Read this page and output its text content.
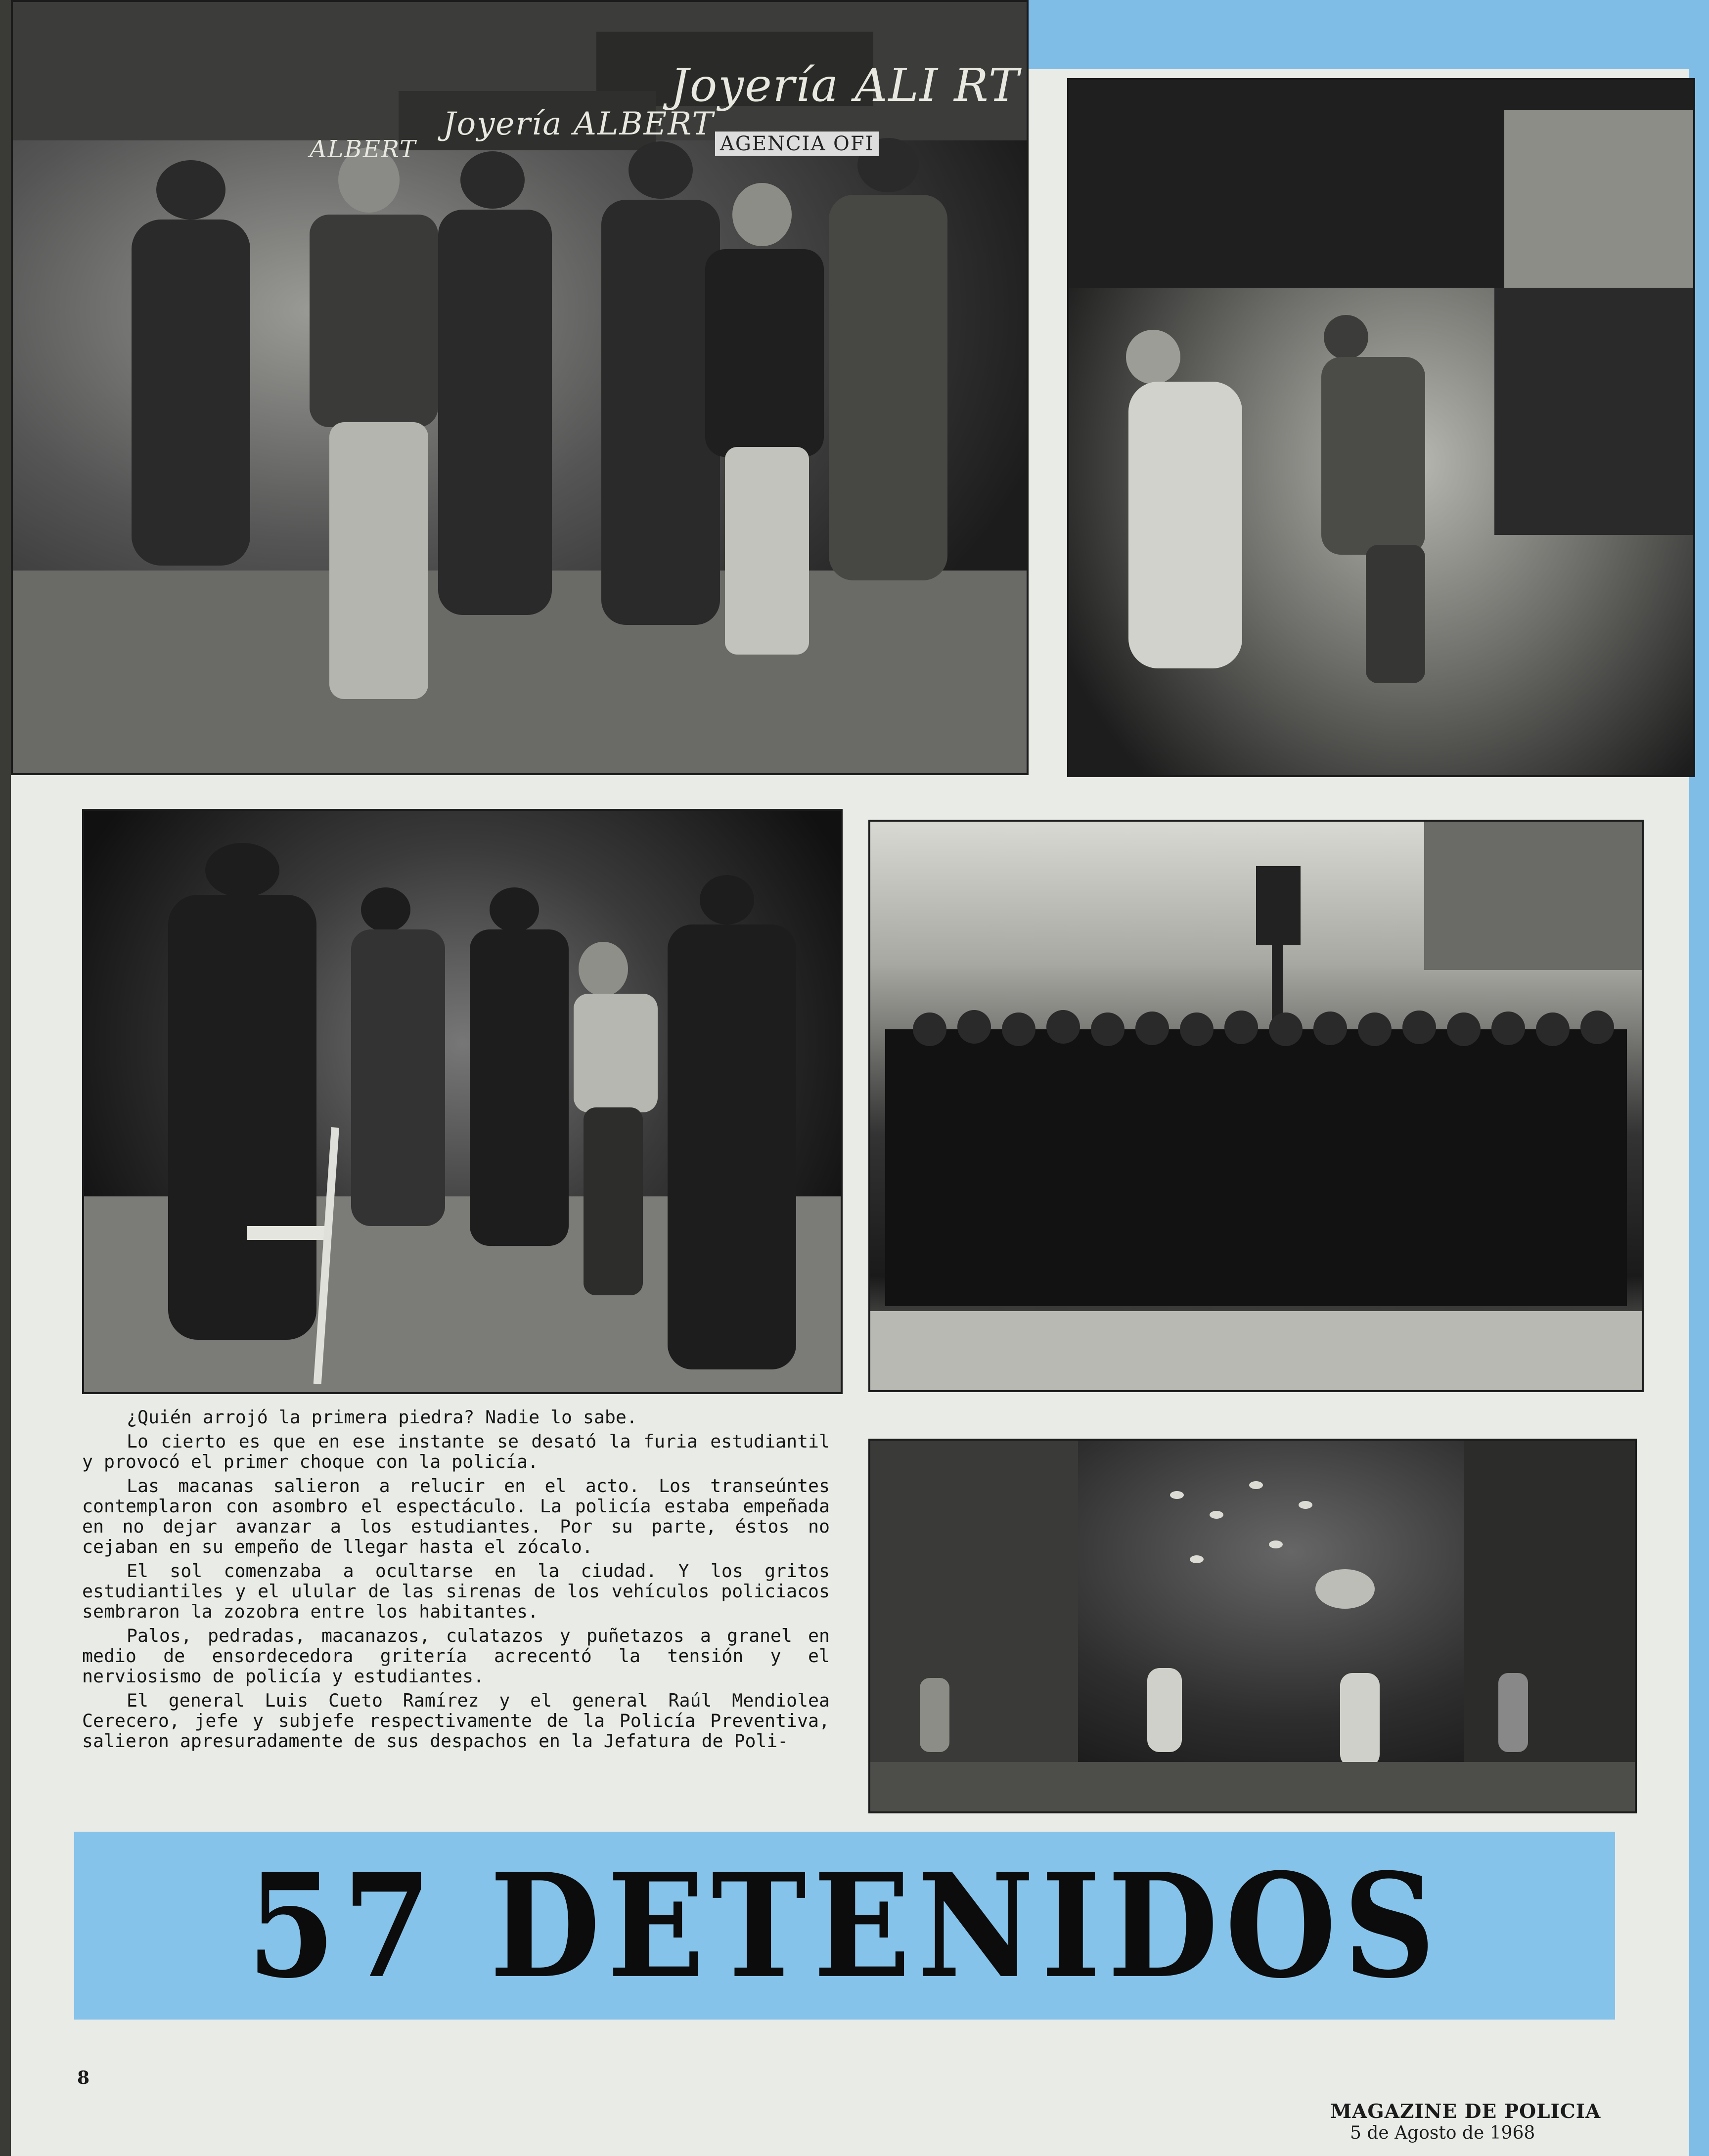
Joyería ALBERT
Joyería ALI RT
AGENCIA OFI
ALBERT

¿Quién arrojó la primera piedra? Nadie lo sabe.

Lo cierto es que en ese instante se desató la furia estudiantil y provocó el primer choque con la policía.

Las macanas salieron a relucir en el acto. Los transeúntes contemplaron con asombro el espectáculo. La policía estaba empeñada en no dejar avanzar a los estudiantes. Por su parte, éstos no cejaban en su empeño de llegar hasta el zócalo.

El sol comenzaba a ocultarse en la ciudad. Y los gritos estudiantiles y el ulular de las sirenas de los vehículos policiacos sembraron la zozobra entre los habitantes.

Palos, pedradas, macanazos, culatazos y puñetazos a granel en medio de ensordecedora gritería acrecentó la tensión y el nerviosismo de policía y estudiantes.

El general Luis Cueto Ramírez y el general Raúl Mendiolea Cerecero, jefe y subjefe respectivamente de la Policía Preventiva, salieron apresuradamente de sus despachos en la Jefatura de Poli-

57 DETENIDOS
8
MAGAZINE DE POLICIA
5 de Agosto de 1968
